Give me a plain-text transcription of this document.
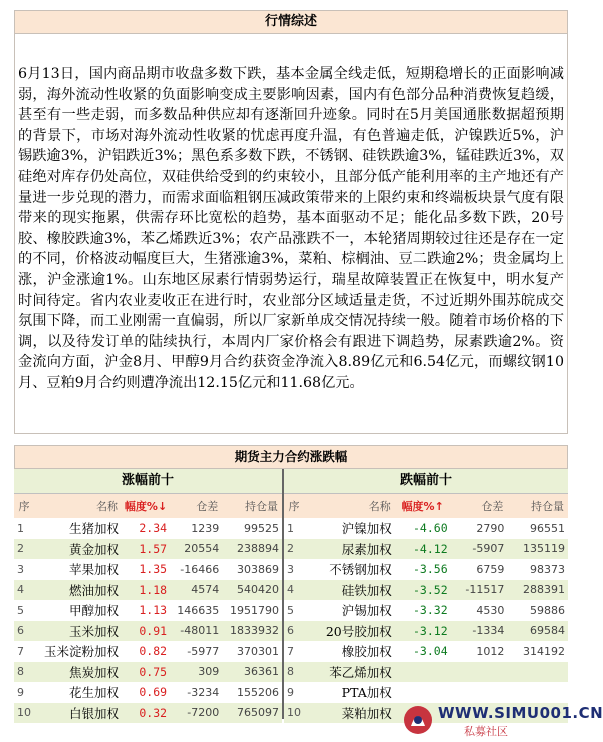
行情综述

6月13日，国内商品期市收盘多数下跌，基本金属全线走低，短期稳增长的正面影响减弱，海外流动性收紧的负面影响变成主要影响因素，国内有色部分品种消费恢复趋缓，甚至有一些走弱，而多数品种供应却有逐渐回升迹象。同时在5月美国通胀数据超预期的背景下，市场对海外流动性收紧的忧虑再度升温，有色普遍走低，沪镍跌近5%，沪锡跌逾3%，沪铝跌近3%；黑色系多数下跌，不锈钢、硅铁跌逾3%，锰硅跌近3%，双硅绝对库存仍处高位，双硅供给受到的约束较小，且部分低产能利用率的主产地还有产量进一步兑现的潜力，而需求面临粗钢压减政策带来的上限约束和终端板块景气度有限带来的现实拖累，供需存环比宽松的趋势，基本面驱动不足；能化品多数下跌，20号胶、橡胶跌逾3%，苯乙烯跌近3%；农产品涨跌不一，本轮猪周期较过往还是存在一定的不同，价格波动幅度巨大，生猪涨逾3%，菜粕、棕榈油、豆二跌逾2%；贵金属均上涨，沪金涨逾1%。山东地区尿素行情弱势运行，瑞星故障装置正在恢复中，明水复产时间待定。省内农业麦收正在进行时，农业部分区域适量走货，不过近期外围苏皖成交氛围下降，而工业刚需一直偏弱，所以厂家新单成交情况持续一般。随着市场价格的下调，以及待发订单的陆续执行，本周内厂家价格会有跟进下调趋势，尿素跌逾2%。资金流向方面，沪金8月、甲醇9月合约获资金净流入8.89亿元和6.54亿元，而螺纹钢10月、豆粕9月合约则遭净流出12.15亿元和11.68亿元。

期货主力合约涨跌幅
涨幅前十
序	名称	幅度%↓	仓差	持仓量
1	生猪加权	2.34	1239	99525
2	黄金加权	1.57	20554	238894
3	苹果加权	1.35	-16466	303869
4	燃油加权	1.18	4574	540420
5	甲醇加权	1.13	146635	1951790
6	玉米加权	0.91	-48011	1833932
7	玉米淀粉加权	0.82	-5977	370301
8	焦炭加权	0.75	309	36361
9	花生加权	0.69	-3234	155206
10	白银加权	0.32	-7200	765097
跌幅前十
序	名称	幅度%↑	仓差	持仓量
1	沪镍加权	-4.60	2790	96551
2	尿素加权	-4.12	-5907	135119
3	不锈钢加权	-3.56	6759	98373
4	硅铁加权	-3.52	-11517	288391
5	沪锡加权	-3.32	4530	59886
6	20号胶加权	-3.12	-1334	69584
7	橡胶加权	-3.04	1012	314192
8	苯乙烯加权			
9	PTA加权			
10	菜粕加权				WWW.SIMU001.CN
私募社区
